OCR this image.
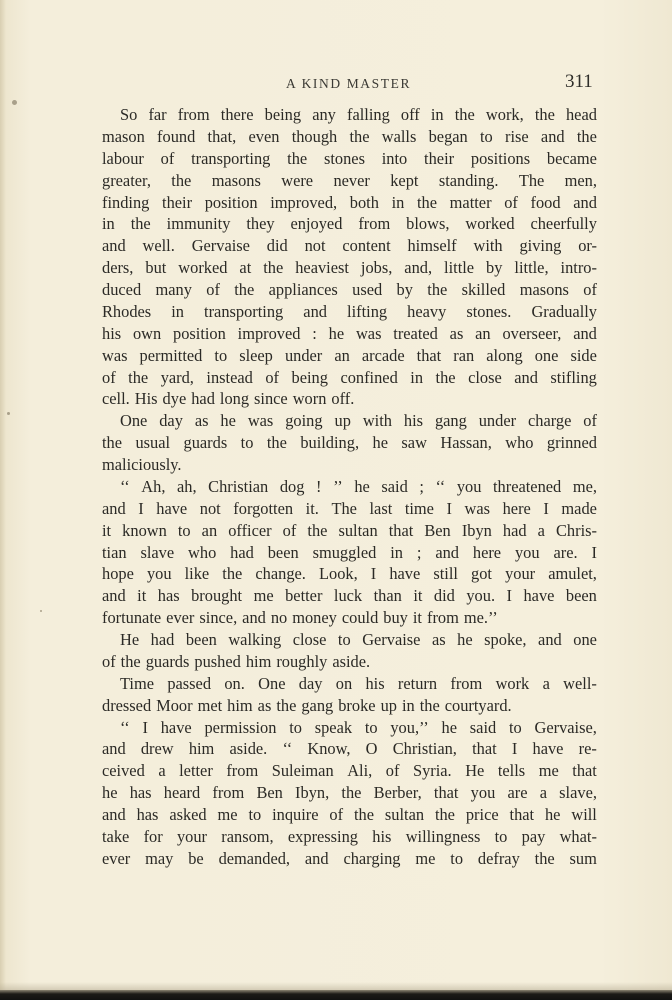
A KIND MASTER	311
So far from there being any falling off in the work, the head
mason found that, even though the walls began to rise and the
labour of transporting the stones into their positions became
greater, the masons were never kept standing. The men,
finding their position improved, both in the matter of food and
in the immunity they enjoyed from blows, worked cheerfully
and well. Gervaise did not content himself with giving or-
ders, but worked at the heaviest jobs, and, little by little, intro-
duced many of the appliances used by the skilled masons of
Rhodes in transporting and lifting heavy stones. Gradually
his own position improved : he was treated as an overseer, and
was permitted to sleep under an arcade that ran along one side
of the yard, instead of being confined in the close and stifling
cell. His dye had long since worn off.
One day as he was going up with his gang under charge of
the usual guards to the building, he saw Hassan, who grinned
maliciously.
‘‘ Ah, ah, Christian dog ! ’’ he said ; ‘‘ you threatened me,
and I have not forgotten it. The last time I was here I made
it known to an officer of the sultan that Ben Ibyn had a Chris-
tian slave who had been smuggled in ; and here you are. I
hope you like the change. Look, I have still got your amulet,
and it has brought me better luck than it did you. I have been
fortunate ever since, and no money could buy it from me.’’
He had been walking close to Gervaise as he spoke, and one
of the guards pushed him roughly aside.
Time passed on. One day on his return from work a well-
dressed Moor met him as the gang broke up in the courtyard.
‘‘ I have permission to speak to you,’’ he said to Gervaise,
and drew him aside. ‘‘ Know, O Christian, that I have re-
ceived a letter from Suleiman Ali, of Syria. He tells me that
he has heard from Ben Ibyn, the Berber, that you are a slave,
and has asked me to inquire of the sultan the price that he will
take for your ransom, expressing his willingness to pay what-
ever may be demanded, and charging me to defray the sum
